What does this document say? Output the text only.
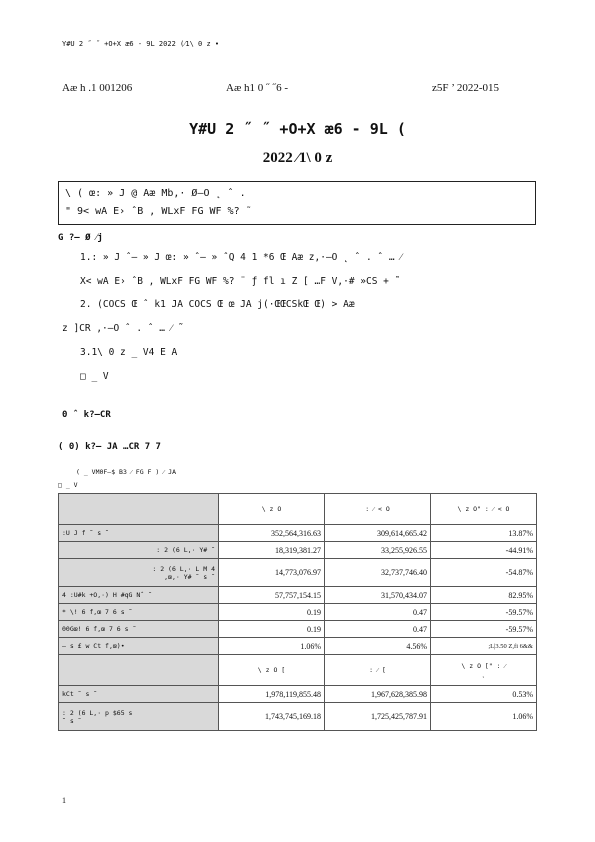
Y#U 2 ˝ ˝ +O+X æ6 - 9L 2022 (⁄1\ 0 z •
Aæ h .1 001206	Aæ h1 0 ˝ ˝6 -	z5F ’ 2022-015
Y#U 2 ˝ ˝ +O+X æ6 - 9L (
2022 ⁄1\ 0 z
\ ( œ: » J @ Aæ Mb,· Ø–O ˛ ˆ .
" 9< wA E› ˆB , WLxF FG WF %? ˜
G ?– Ø ⁄j
1.: » J ˆ– » J œ: » ˆ– » ˆQ 4 1 *6 Œ Aæ z,·–O ˛ ˆ . ˆ … ⁄
X< wA E› ˆB , WLxF FG WF %? ¨ ƒ fl ı Z [ …F V,·# »CS + ˜
2. (COCS Œ ˆ k1 JA COCS Œ œ JA j(·ŒŒCSkŒ Œ) > Aæ
z ]CR ,·–O ˆ . ˆ … ⁄ ˜
3.1\ 0 z _ V4 E A
□ _ V
0 ˆ k?–CR
( 0) k?– JA …CR 7 7
( _ VM0F–$ B3 ⁄ FG F ) ⁄ JA
□ _ V
	\ z O	: ⁄ < O	\ z O" : ⁄ < O
:U J f ˜ s ˜	352,564,316.63	309,614,665.42	13.87%
: 2 (6 L,· Y# ˜	18,319,381.27	33,255,926.55	-44.91%
: 2 (6 L,· L M 4
,œ,· Y# ˜ s ˜	14,773,076.97	32,737,746.40	-54.87%
4 :U#k +O,·) H #qG Nˆ ˜	57,757,154.15	31,570,434.07	82.95%
* \! 6 f,œ 7 6 s ˜	0.19	0.47	-59.57%
00Gœ! 6 f,œ 7 6 s ˜	0.19	0.47	-59.57%
– s £ w Ct f,œ)•	1.06%	4.56%	;L|3.50 Z,fi 6&&
	\ z O [	: ⁄ [	\ z O [" : ⁄
˛
kCt ˜ s ˜	1,978,119,855.48	1,967,628,385.98	0.53%
: 2 (6 L,· p $65 s
˜ s ˜	1,743,745,169.18	1,725,425,787.91	1.06%
1
